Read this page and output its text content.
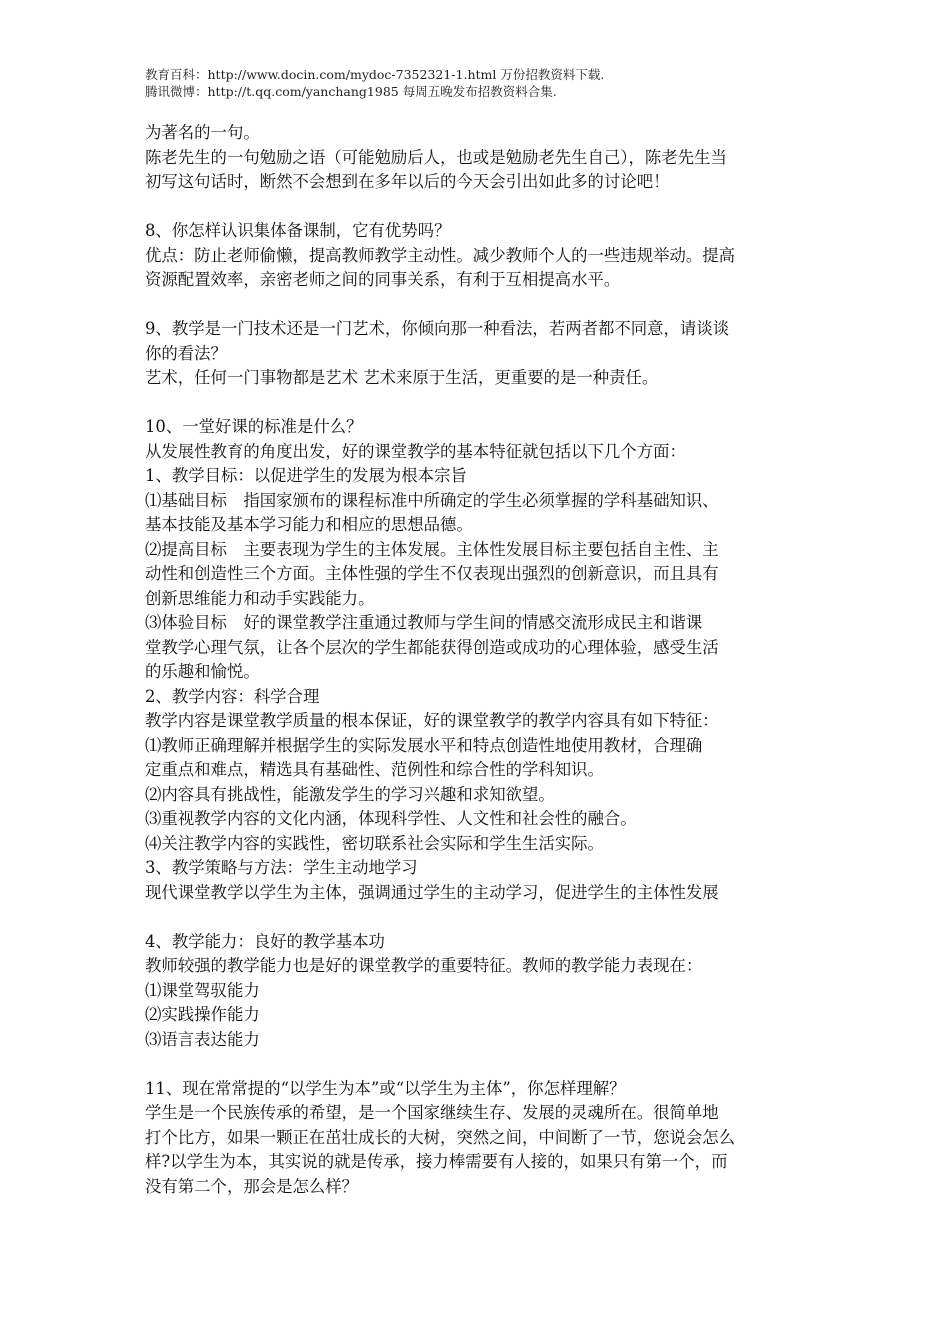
教育百科：http://www.docin.com/mydoc-7352321-1.html 万份招教资料下载.
腾讯微博：http://t.qq.com/yanchang1985 每周五晚发布招教资料合集.
为著名的一句。
陈老先生的一句勉励之语（可能勉励后人，也或是勉励老先生自己），陈老先生当
初写这句话时，断然不会想到在多年以后的今天会引出如此多的讨论吧！
8、你怎样认识集体备课制，它有优势吗？
优点：防止老师偷懒，提高教师教学主动性。减少教师个人的一些违规举动。提高
资源配置效率，亲密老师之间的同事关系，有利于互相提高水平。
9、教学是一门技术还是一门艺术，你倾向那一种看法，若两者都不同意，请谈谈
你的看法？
艺术，任何一门事物都是艺术 艺术来原于生活，更重要的是一种责任。
10、一堂好课的标准是什么？
从发展性教育的角度出发，好的课堂教学的基本特征就包括以下几个方面：
1、教学目标：以促进学生的发展为根本宗旨
⑴基础目标　指国家颁布的课程标准中所确定的学生必须掌握的学科基础知识、
基本技能及基本学习能力和相应的思想品德。
⑵提高目标　主要表现为学生的主体发展。主体性发展目标主要包括自主性、主
动性和创造性三个方面。主体性强的学生不仅表现出强烈的创新意识，而且具有
创新思维能力和动手实践能力。
⑶体验目标　好的课堂教学注重通过教师与学生间的情感交流形成民主和谐课
堂教学心理气氛，让各个层次的学生都能获得创造或成功的心理体验，感受生活
的乐趣和愉悦。
2、教学内容：科学合理
教学内容是课堂教学质量的根本保证，好的课堂教学的教学内容具有如下特征：
⑴教师正确理解并根据学生的实际发展水平和特点创造性地使用教材，合理确
定重点和难点，精选具有基础性、范例性和综合性的学科知识。
⑵内容具有挑战性，能激发学生的学习兴趣和求知欲望。
⑶重视教学内容的文化内涵，体现科学性、人文性和社会性的融合。
⑷关注教学内容的实践性，密切联系社会实际和学生生活实际。
3、教学策略与方法：学生主动地学习
现代课堂教学以学生为主体，强调通过学生的主动学习，促进学生的主体性发展
4、教学能力：良好的教学基本功
教师较强的教学能力也是好的课堂教学的重要特征。教师的教学能力表现在：
⑴课堂驾驭能力
⑵实践操作能力
⑶语言表达能力
11、现在常常提的“以学生为本”或“以学生为主体”，你怎样理解？
学生是一个民族传承的希望，是一个国家继续生存、发展的灵魂所在。很简单地
打个比方，如果一颗正在茁壮成长的大树，突然之间，中间断了一节，您说会怎么
样?以学生为本，其实说的就是传承，接力棒需要有人接的，如果只有第一个，而
没有第二个，那会是怎么样？
